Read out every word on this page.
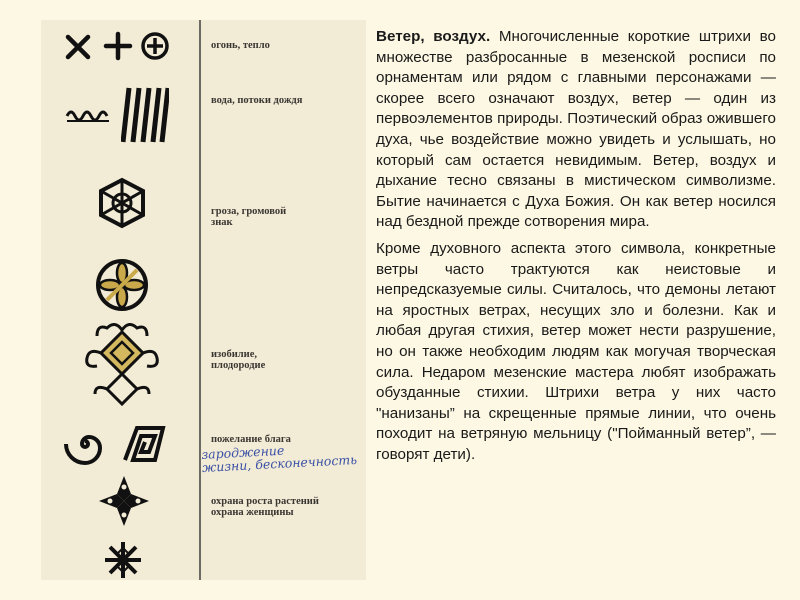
огонь, тепло
вода, потоки дождя
гроза, громовой
знак
изобилие,
плодородие
пожелание блага
зароджение
жизни, бесконечность
охрана роста растений
охрана женщины

Ветер, воздух. Многочисленные короткие штрихи во множестве разбросанные в мезенской росписи по орнаментам или рядом с главными персонажами — скорее всего означают воздух, ветер — один из первоэлементов природы. Поэтический образ ожившего духа, чье воздействие можно увидеть и услышать, но который сам остается невидимым. Ветер, воздух и дыхание тесно связаны в мистическом символизме. Бытие начинается с Духа Божия. Он как ветер носился над бездной прежде сотворения мира.

Кроме духовного аспекта этого символа, конкретные ветры часто трактуются как неистовые и непредсказуемые силы. Считалось, что демоны летают на яростных ветрах, несущих зло и болезни. Как и любая другая стихия, ветер может нести разрушение, но он также необходим людям как могучая творческая сила. Недаром мезенские мастера любят изображать обузданные стихии. Штрихи ветра у них часто "нанизаны” на скрещенные прямые линии, что очень походит на ветряную мельницу ("Пойманный ветер”, — говорят дети).
